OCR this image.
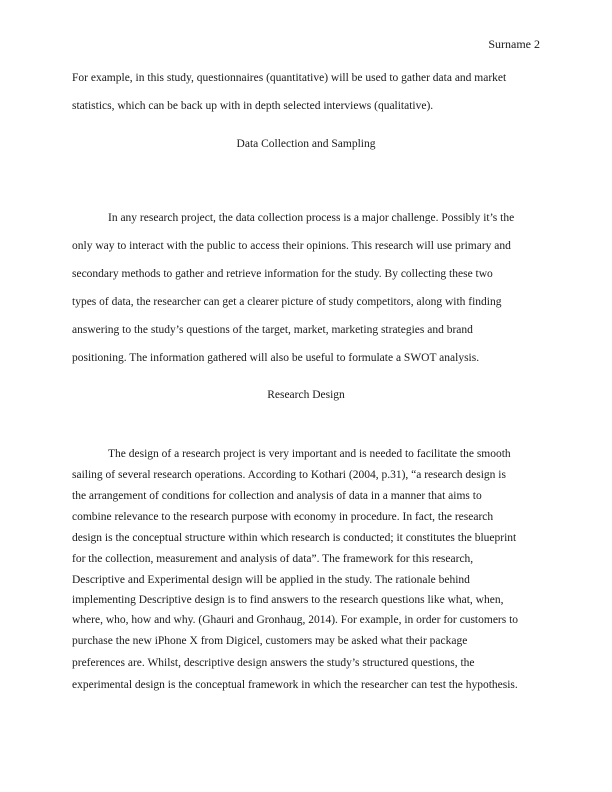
Surname 2
For example, in this study, questionnaires (quantitative) will be used to gather data and market
statistics, which can be back up with in depth selected interviews (qualitative).
Data Collection and Sampling
In any research project, the data collection process is a major challenge. Possibly it’s the
only way to interact with the public to access their opinions. This research will use primary and
secondary methods to gather and retrieve information for the study. By collecting these two
types of data, the researcher can get a clearer picture of study competitors, along with finding
answering to the study’s questions of the target, market, marketing strategies and brand
positioning. The information gathered will also be useful to formulate a SWOT analysis.
Research Design
The design of a research project is very important and is needed to facilitate the smooth
sailing of several research operations. According to Kothari (2004, p.31), “a research design is
the arrangement of conditions for collection and analysis of data in a manner that aims to
combine relevance to the research purpose with economy in procedure. In fact, the research
design is the conceptual structure within which research is conducted; it constitutes the blueprint
for the collection, measurement and analysis of data”. The framework for this research,
Descriptive and Experimental design will be applied in the study. The rationale behind
implementing Descriptive design is to find answers to the research questions like what, when,
where, who, how and why. (Ghauri and Gronhaug, 2014). For example, in order for customers to
purchase the new iPhone X from Digicel, customers may be asked what their package
preferences are. Whilst, descriptive design answers the study’s structured questions, the
experimental design is the conceptual framework in which the researcher can test the hypothesis.
